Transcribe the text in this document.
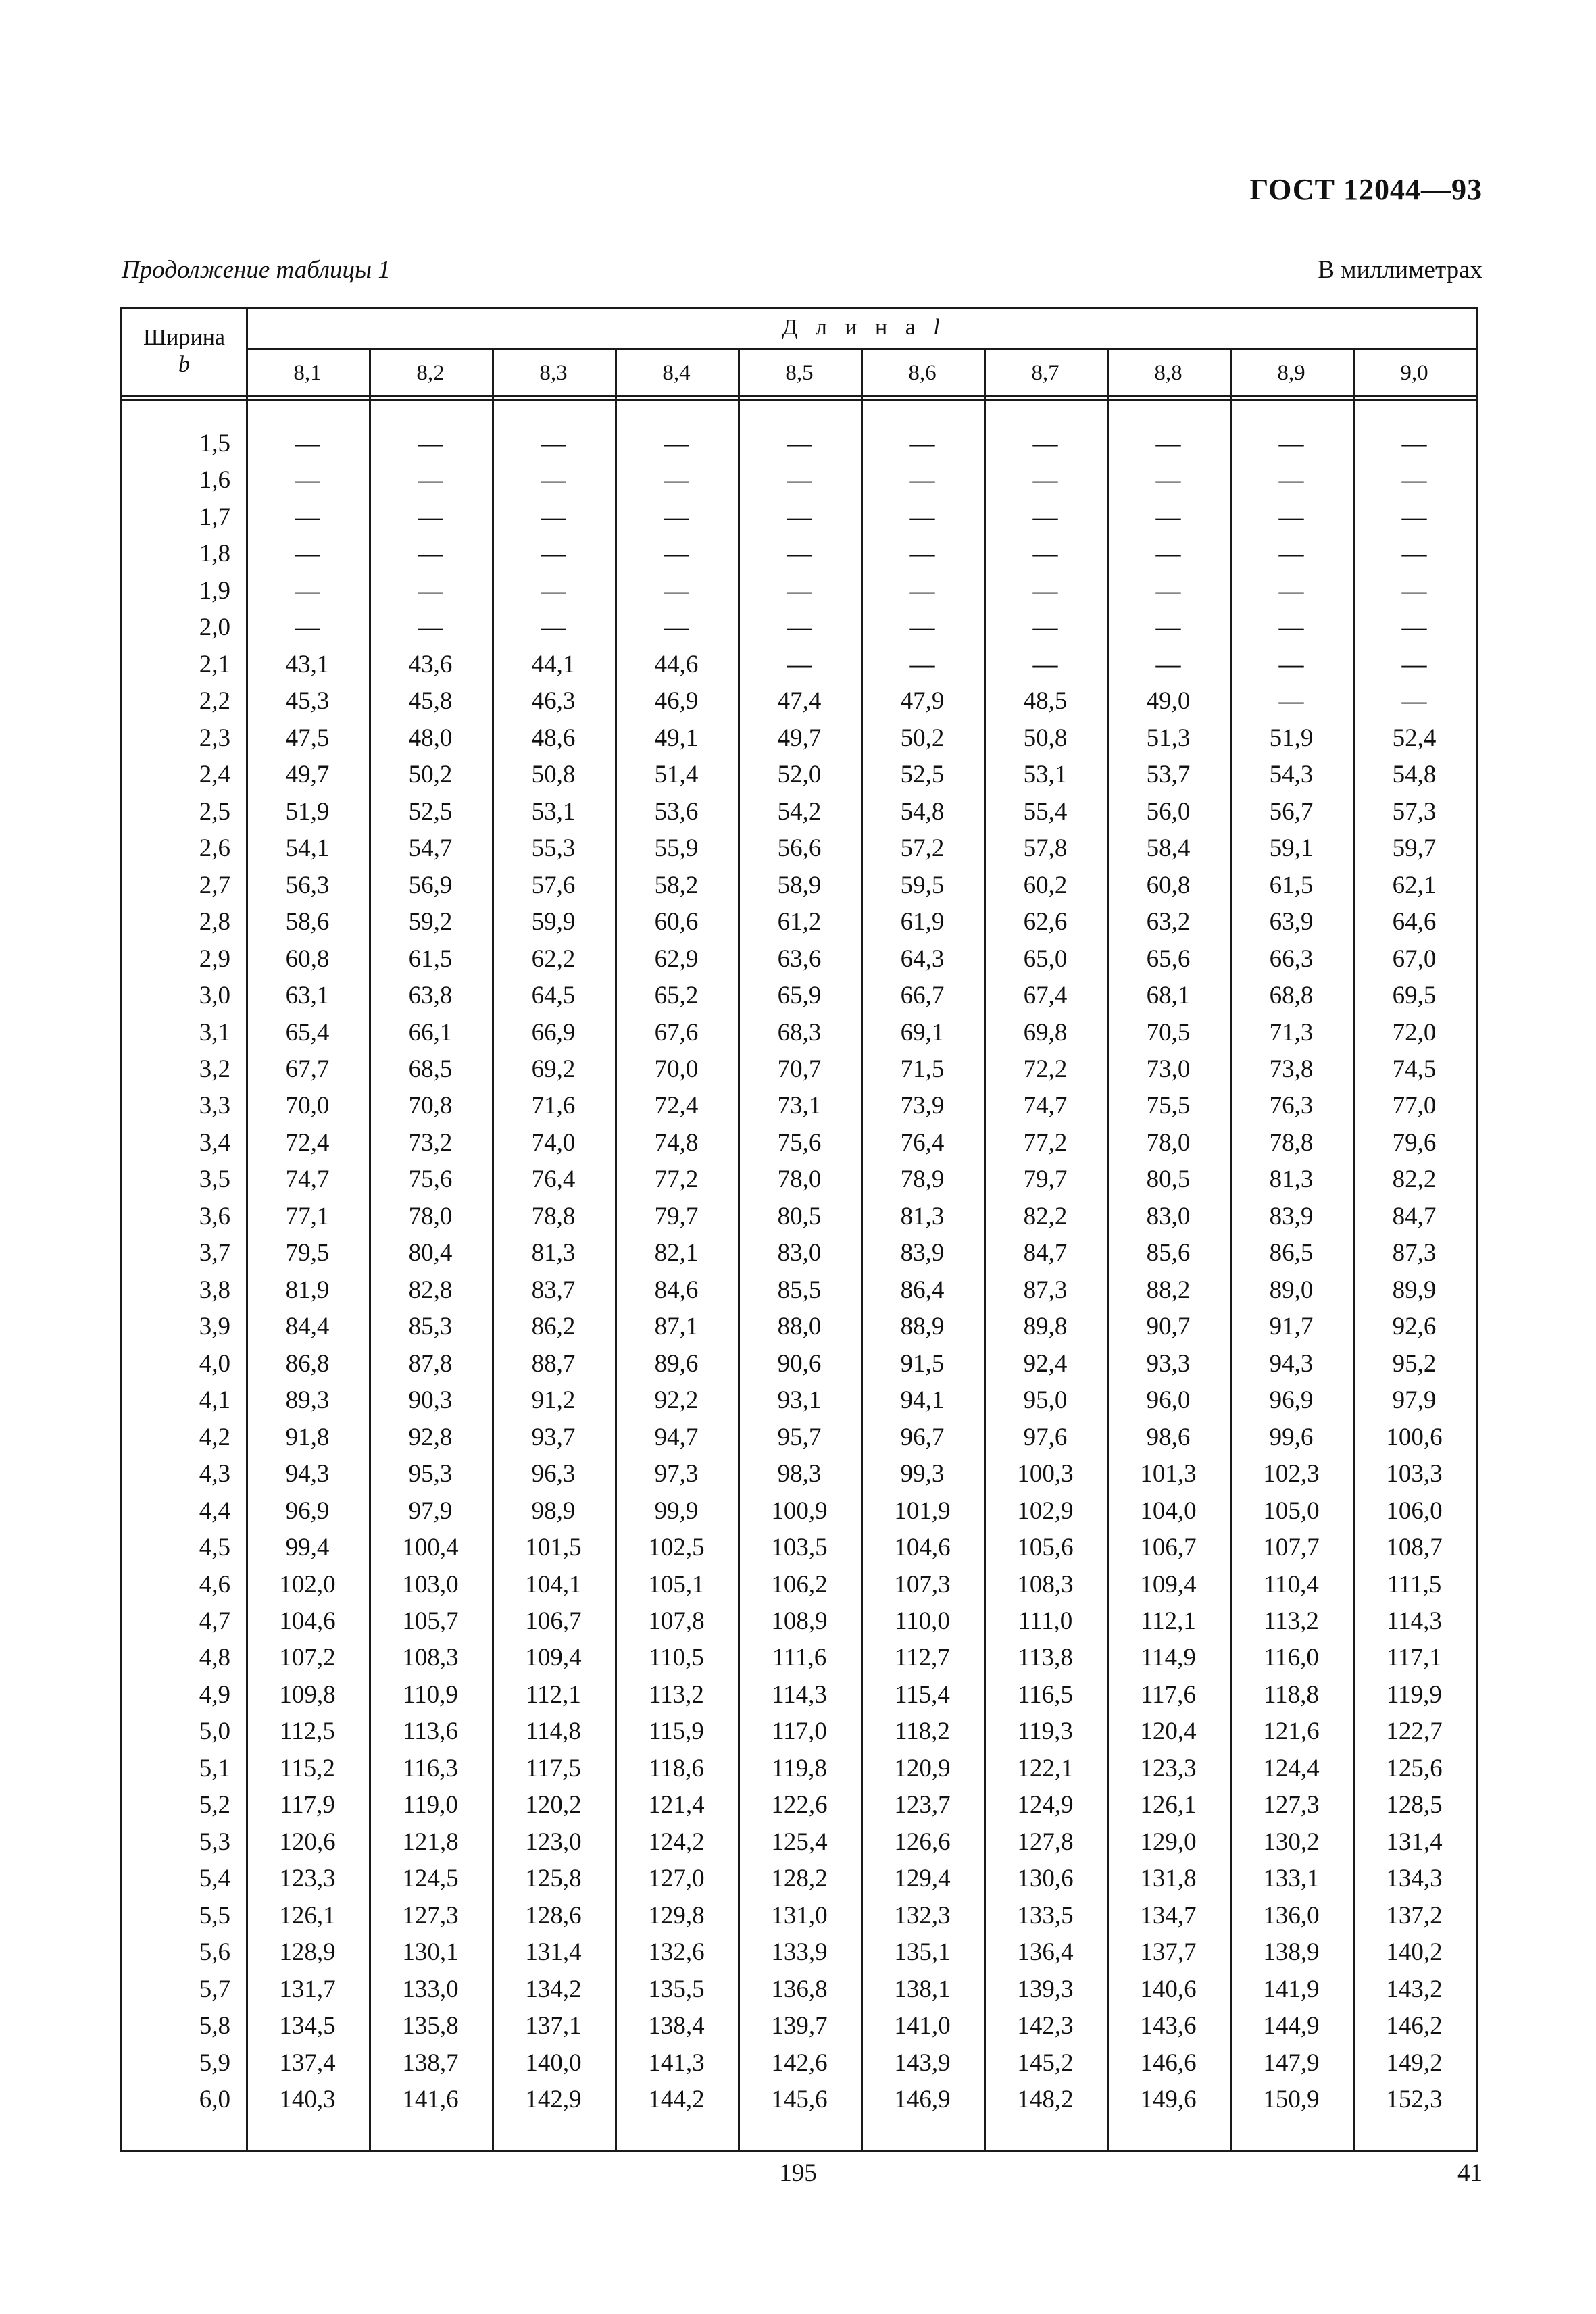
ГОСТ 12044—93
Продолжение таблицы 1	В миллиметрах
Ширина
b
Д л и н а l
8,1	8,2	8,3	8,4	8,5	8,6	8,7	8,8	8,9	9,0
1,5	—	—	—	—	—	—	—	—	—	—
1,6	—	—	—	—	—	—	—	—	—	—
1,7	—	—	—	—	—	—	—	—	—	—
1,8	—	—	—	—	—	—	—	—	—	—
1,9	—	—	—	—	—	—	—	—	—	—
2,0	—	—	—	—	—	—	—	—	—	—
2,1	43,1	43,6	44,1	44,6	—	—	—	—	—	—
2,2	45,3	45,8	46,3	46,9	47,4	47,9	48,5	49,0	—	—
2,3	47,5	48,0	48,6	49,1	49,7	50,2	50,8	51,3	51,9	52,4
2,4	49,7	50,2	50,8	51,4	52,0	52,5	53,1	53,7	54,3	54,8
2,5	51,9	52,5	53,1	53,6	54,2	54,8	55,4	56,0	56,7	57,3
2,6	54,1	54,7	55,3	55,9	56,6	57,2	57,8	58,4	59,1	59,7
2,7	56,3	56,9	57,6	58,2	58,9	59,5	60,2	60,8	61,5	62,1
2,8	58,6	59,2	59,9	60,6	61,2	61,9	62,6	63,2	63,9	64,6
2,9	60,8	61,5	62,2	62,9	63,6	64,3	65,0	65,6	66,3	67,0
3,0	63,1	63,8	64,5	65,2	65,9	66,7	67,4	68,1	68,8	69,5
3,1	65,4	66,1	66,9	67,6	68,3	69,1	69,8	70,5	71,3	72,0
3,2	67,7	68,5	69,2	70,0	70,7	71,5	72,2	73,0	73,8	74,5
3,3	70,0	70,8	71,6	72,4	73,1	73,9	74,7	75,5	76,3	77,0
3,4	72,4	73,2	74,0	74,8	75,6	76,4	77,2	78,0	78,8	79,6
3,5	74,7	75,6	76,4	77,2	78,0	78,9	79,7	80,5	81,3	82,2
3,6	77,1	78,0	78,8	79,7	80,5	81,3	82,2	83,0	83,9	84,7
3,7	79,5	80,4	81,3	82,1	83,0	83,9	84,7	85,6	86,5	87,3
3,8	81,9	82,8	83,7	84,6	85,5	86,4	87,3	88,2	89,0	89,9
3,9	84,4	85,3	86,2	87,1	88,0	88,9	89,8	90,7	91,7	92,6
4,0	86,8	87,8	88,7	89,6	90,6	91,5	92,4	93,3	94,3	95,2
4,1	89,3	90,3	91,2	92,2	93,1	94,1	95,0	96,0	96,9	97,9
4,2	91,8	92,8	93,7	94,7	95,7	96,7	97,6	98,6	99,6	100,6
4,3	94,3	95,3	96,3	97,3	98,3	99,3	100,3	101,3	102,3	103,3
4,4	96,9	97,9	98,9	99,9	100,9	101,9	102,9	104,0	105,0	106,0
4,5	99,4	100,4	101,5	102,5	103,5	104,6	105,6	106,7	107,7	108,7
4,6	102,0	103,0	104,1	105,1	106,2	107,3	108,3	109,4	110,4	111,5
4,7	104,6	105,7	106,7	107,8	108,9	110,0	111,0	112,1	113,2	114,3
4,8	107,2	108,3	109,4	110,5	111,6	112,7	113,8	114,9	116,0	117,1
4,9	109,8	110,9	112,1	113,2	114,3	115,4	116,5	117,6	118,8	119,9
5,0	112,5	113,6	114,8	115,9	117,0	118,2	119,3	120,4	121,6	122,7
5,1	115,2	116,3	117,5	118,6	119,8	120,9	122,1	123,3	124,4	125,6
5,2	117,9	119,0	120,2	121,4	122,6	123,7	124,9	126,1	127,3	128,5
5,3	120,6	121,8	123,0	124,2	125,4	126,6	127,8	129,0	130,2	131,4
5,4	123,3	124,5	125,8	127,0	128,2	129,4	130,6	131,8	133,1	134,3
5,5	126,1	127,3	128,6	129,8	131,0	132,3	133,5	134,7	136,0	137,2
5,6	128,9	130,1	131,4	132,6	133,9	135,1	136,4	137,7	138,9	140,2
5,7	131,7	133,0	134,2	135,5	136,8	138,1	139,3	140,6	141,9	143,2
5,8	134,5	135,8	137,1	138,4	139,7	141,0	142,3	143,6	144,9	146,2
5,9	137,4	138,7	140,0	141,3	142,6	143,9	145,2	146,6	147,9	149,2
6,0	140,3	141,6	142,9	144,2	145,6	146,9	148,2	149,6	150,9	152,3
195	41
